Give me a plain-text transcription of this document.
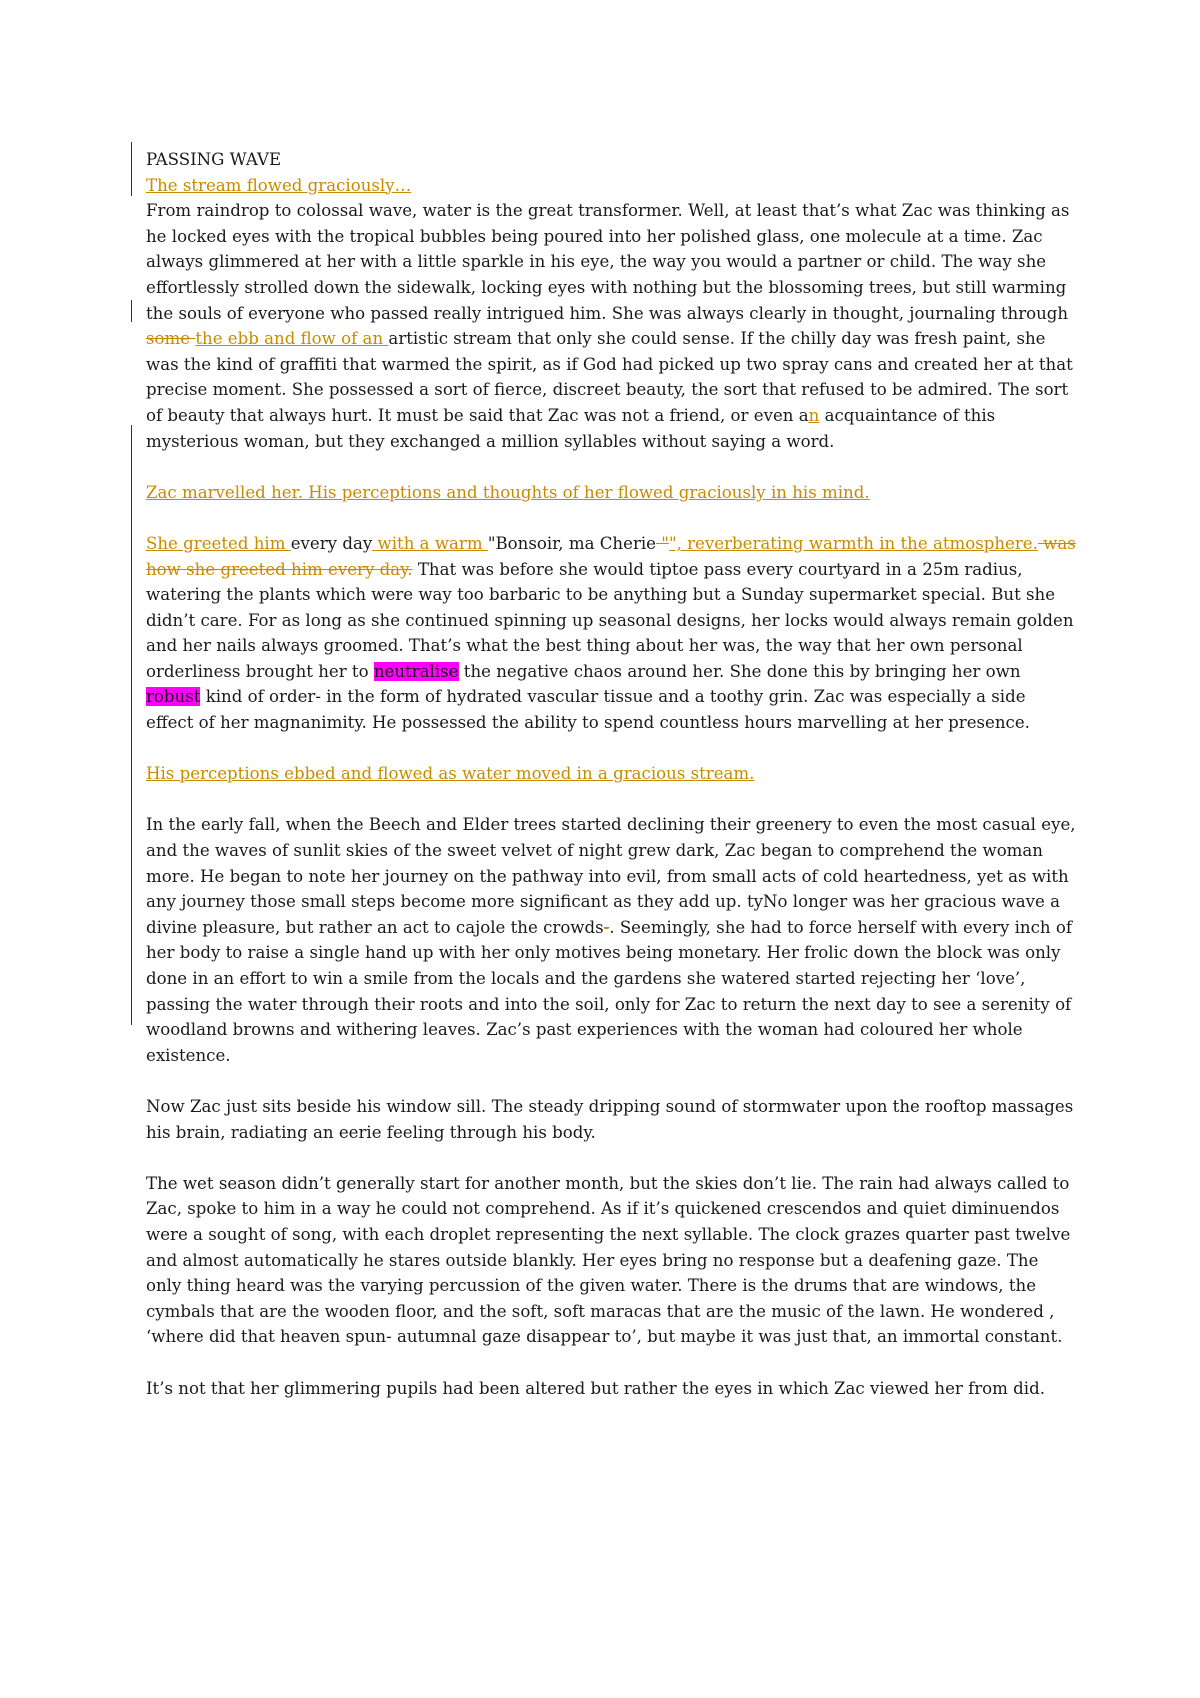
PASSING WAVE

The stream flowed graciously…

From raindrop to colossal wave, water is the great transformer. Well, at least that’s what Zac was thinking as he locked eyes with the tropical bubbles being poured into her polished glass, one molecule at a time. Zac always glimmered at her with a little sparkle in his eye, the way you would a partner or child. The way she effortlessly strolled down the sidewalk, locking eyes with nothing but the blossoming trees, but still warming the souls of everyone who passed really intrigued him. She was always clearly in thought, journaling through some the ebb and flow of an artistic stream that only she could sense. If the chilly day was fresh paint, she was the kind of graffiti that warmed the spirit, as if God had picked up two spray cans and created her at that precise moment. She possessed a sort of fierce, discreet beauty, the sort that refused to be admired. The sort of beauty that always hurt. It must be said that Zac was not a friend, or even an acquaintance of this mysterious woman, but they exchanged a million syllables without saying a word.

Zac marvelled her. His perceptions and thoughts of her flowed graciously in his mind.

She greeted him every day with a warm "Bonsoir, ma Cherie "", reverberating warmth in the atmosphere. was how she greeted him every day. That was before she would tiptoe pass every courtyard in a 25m radius, watering the plants which were way too barbaric to be anything but a Sunday supermarket special. But she didn’t care. For as long as she continued spinning up seasonal designs, her locks would always remain golden and her nails always groomed. That’s what the best thing about her was, the way that her own personal orderliness brought her to neutralise the negative chaos around her. She done this by bringing her own robust kind of order- in the form of hydrated vascular tissue and a toothy grin. Zac was especially a side effect of her magnanimity. He possessed the ability to spend countless hours marvelling at her presence.

His perceptions ebbed and flowed as water moved in a gracious stream.

In the early fall, when the Beech and Elder trees started declining their greenery to even the most casual eye, and the waves of sunlit skies of the sweet velvet of night grew dark, Zac began to comprehend the woman more. He began to note her journey on the pathway into evil, from small acts of cold heartedness, yet as with any journey those small steps become more significant as they add up. tyNo longer was her gracious wave a divine pleasure, but rather an act to cajole the crowds-. Seemingly, she had to force herself with every inch of her body to raise a single hand up with her only motives being monetary. Her frolic down the block was only done in an effort to win a smile from the locals and the gardens she watered started rejecting her ‘love’, passing the water through their roots and into the soil, only for Zac to return the next day to see a serenity of woodland browns and withering leaves. Zac’s past experiences with the woman had coloured her whole existence.

Now Zac just sits beside his window sill. The steady dripping sound of stormwater upon the rooftop massages his brain, radiating an eerie feeling through his body.

The wet season didn’t generally start for another month, but the skies don’t lie. The rain had always called to Zac, spoke to him in a way he could not comprehend. As if it’s quickened crescendos and quiet diminuendos were a sought of song, with each droplet representing the next syllable. The clock grazes quarter past twelve and almost automatically he stares outside blankly. Her eyes bring no response but a deafening gaze. The only thing heard was the varying percussion of the given water. There is the drums that are windows, the cymbals that are the wooden floor, and the soft, soft maracas that are the music of the lawn. He wondered , ‘where did that heaven spun- autumnal gaze disappear to’, but maybe it was just that, an immortal constant.

It’s not that her glimmering pupils had been altered but rather the eyes in which Zac viewed her from did.
